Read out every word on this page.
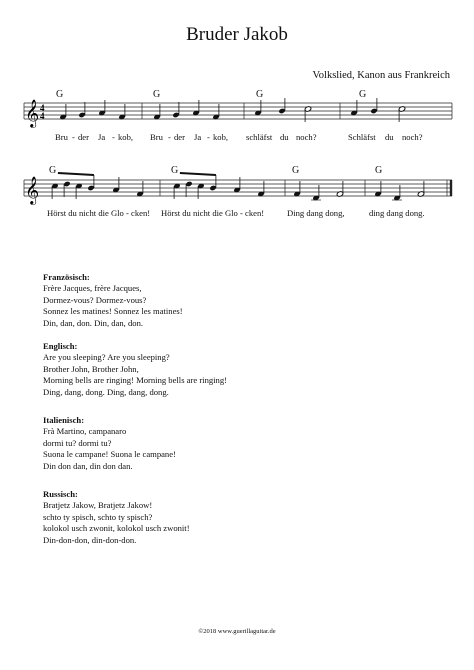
Bruder Jakob
Volkslied, Kanon aus Frankreich
G	G	G	G
𝄞 4
4
Bru - der Ja - kob, Bru - der Ja - kob, schläfst du noch?	Schläfst du noch?
G	G	G	G
𝄞
Hörst du nicht die Glo - cken! Hörst du nicht die Glo - cken!	Ding dang dong,	ding dang dong.
Französisch:
Frère Jacques, frère Jacques,
Dormez-vous? Dormez-vous?
Sonnez les matines! Sonnez les matines!
Din, dan, don. Din, dan, don.
Englisch:
Are you sleeping? Are you sleeping?
Brother John, Brother John,
Morning bells are ringing! Morning bells are ringing!
Ding, dang, dong. Ding, dang, dong.
Italienisch:
Frà Martino, campanaro
dormi tu? dormi tu?
Suona le campane! Suona le campane!
Din don dan, din don dan.
Russisch:
Bratjetz Jakow, Bratjetz Jakow!
schto ty spisch, schto ty spisch?
kolokol usch zwonit, kolokol usch zwonit!
Din-don-don, din-don-don.
©2018 www.guerillaguitar.de
